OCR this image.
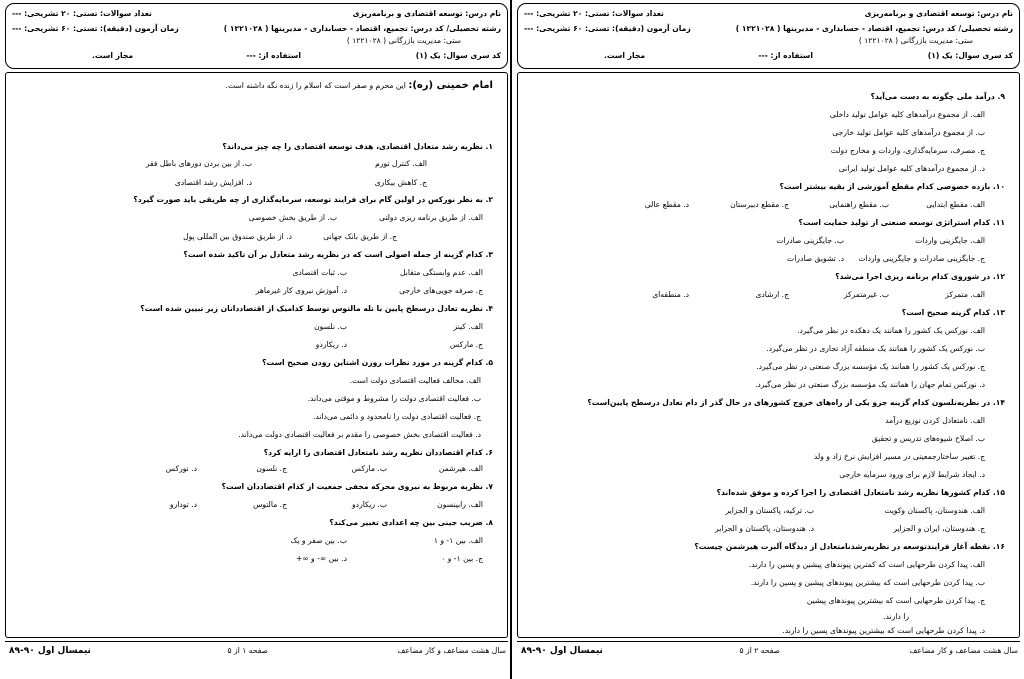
نام درس: توسعه اقتصادی و برنامه‌ریزی
تعداد سوالات: تستی: ۲۰ تشریحی: ---
رشته تحصیلی/ کد درس: تجمیع، اقتصاد - حسابداری - مدیریتها ( ۱۲۲۱۰۲۸ )
زمان آزمون (دقیقه): تستی: ۶۰ تشریحی: ---
ستی: مدیریت بازرگانی ( ۱۲۲۱۰۲۸ )
کد سری سوال: یک (۱)
استفاده از: ---
مجاز است.
امام خمینی (ره): این محرم و صفر است که اسلام را زنده نگه داشته است.
۱. نظریه رشد متعادل اقتصادی، هدف توسعه اقتصادی را چه چیز می‌داند؟
الف. کنترل تورم
ب. از بین بردن دورهای باطل فقر
ج. کاهش بیکاری
د. افزایش رشد اقتصادی
۲. به نظر نورکس در اولین گام برای فرایند توسعه، سرمایه‌گذاری از چه طریقی باید صورت گیرد؟
الف. از طریق برنامه ریزی دولتی
ب. از طریق بخش خصوصی
ج. از طریق بانک جهانی
د. از طریق صندوق بین المللی پول
۳. کدام گزینه از جمله اصولی است که در نظریه رشد متعادل بر آن تاکید شده است؟
الف. عدم وابستگی متقابل
ب. ثبات اقتصادی
ج. صرفه جویی‌های خارجی
د. آموزش نیروی کار غیرماهر
۴. نظریه تعادل درسطح پایین با تله مالتوس توسط کدامیک از اقتصاددانان زیر تبیین شده است؟
الف. کینز
ب. نلسون
ج. مارکس
د. ریکاردو
۵. کدام گزینه در مورد نظرات روزن اشتاین رودن صحیح است؟
الف. مخالف فعالیت اقتصادی دولت است.
ب. فعالیت اقتصادی دولت را مشروط و موقتی می‌داند.
ج. فعالیت اقتصادی دولت را نامحدود و دائمی می‌داند.
د. فعالیت اقتصادی بخش خصوصی را مقدم بر فعالیت اقتصادی دولت می‌داند.
۶. کدام اقتصاددان نظریه رشد نامتعادل اقتصادی را ارایه کرد؟
الف. هیرشمن
ب. مارکس
ج. نلسون
د. نورکس
۷. نظریه مربوط به نیروی محرکه مخفی جمعیت از کدام اقتصاددان است؟
الف. رابینسون
ب. ریکاردو
ج. مالتوس
د. تودارو
۸. ضریب جینی بین چه اعدادی تغییر می‌کند؟
الف. بین ۱- و ۱
ب. بین صفر و یک
ج. بین ۱- و ۰
د. بین ∞- و ∞+
سال هشت مضاعف و کار مضاعف
صفحه ۱ از ۵
نیمسال اول ۹۰-۸۹
نام درس: توسعه اقتصادی و برنامه‌ریزی
تعداد سوالات: تستی: ۲۰ تشریحی: ---
رشته تحصیلی/ کد درس: تجمیع، اقتصاد - حسابداری - مدیریتها ( ۱۲۲۱۰۲۸ )
زمان آزمون (دقیقه): تستی: ۶۰ تشریحی: ---
ستی: مدیریت بازرگانی ( ۱۲۲۱۰۲۸ )
کد سری سوال: یک (۱)
استفاده از: ---
مجاز است.
۹. درآمد ملی چگونه به دست می‌آید؟
الف. از مجموع درآمدهای کلیه عوامل تولید داخلی
ب. از مجموع درآمدهای کلیه عوامل تولید خارجی
ج. مصرف، سرمایه‌گذاری، واردات و مخارج دولت
د. از مجموع درآمدهای کلیه عوامل تولید ایرانی
۱۰. بازده خصوصی کدام مقطع آموزشی از بقیه بیشتر است؟
الف. مقطع ابتدایی
ب. مقطع راهنمایی
ج. مقطع دبیرستان
د. مقطع عالی
۱۱. کدام استراتژی توسعه صنعتی از تولید حمایت است؟
الف. جایگزینی واردات
ب. جایگزینی صادرات
ج. جایگزینی صادرات و جایگزینی واردات
د. تشویق صادرات
۱۲. در شوروی کدام برنامه ریزی اجرا می‌شد؟
الف. متمرکز
ب. غیرمتمرکز
ج. ارشادی
د. منطقه‌ای
۱۳. کدام گزینه صحیح است؟
الف. نورکس یک کشور را همانند یک دهکده در نظر می‌گیرد.
ب. نورکس یک کشور را همانند یک منطقه آزاد تجاری در نظر می‌گیرد.
ج. نورکس یک کشور را همانند یک مؤسسه بزرگ صنعتی در نظر می‌گیرد.
د. نورکس تمام جهان را همانند یک مؤسسه بزرگ صنعتی در نظر می‌گیرد.
۱۴. در نظریه‌نلسون کدام گزینه جزو یکی از راه‌های خروج کشورهای در حال گذر از دام تعادل درسطح پایین‌است؟
الف. نامتعادل کردن توزیع درآمد
ب. اصلاح شیوه‌های تدریس و تحقیق
ج. تغییر ساختارجمعیتی در مسیر افزایش نرخ زاد و ولد
د. ایجاد شرایط لازم برای ورود سرمایه خارجی
۱۵. کدام کشورها نظریه رشد نامتعادل اقتصادی را اجرا کرده و موفق شده‌اند؟
الف. هندوستان، پاکستان وکویت
ب. ترکیه، پاکستان و الجزایر
ج. هندوستان، ایران و الجزایر
د. هندوستان، پاکستان و الجزایر
۱۶. نقطه آغاز فرایندتوسعه در نظریه‌رشدنامتعادل از دیدگاه آلبرت هیرشمن چیست؟
الف. پیدا کردن طرحهایی است که کمترین پیوندهای پیشین و پسین را دارند.
ب. پیدا کردن طرحهایی است که بیشترین پیوندهای پیشین و پسین را دارند.
ج. پیدا کردن طرحهایی است که بیشترین پیوندهای پیشین
را دارند.
د. پیدا کردن طرحهایی است که بیشترین پیوندهای پسین را دارند.
سال هشت مضاعف و کار مضاعف
صفحه ۲ از ۵
نیمسال اول ۹۰-۸۹
